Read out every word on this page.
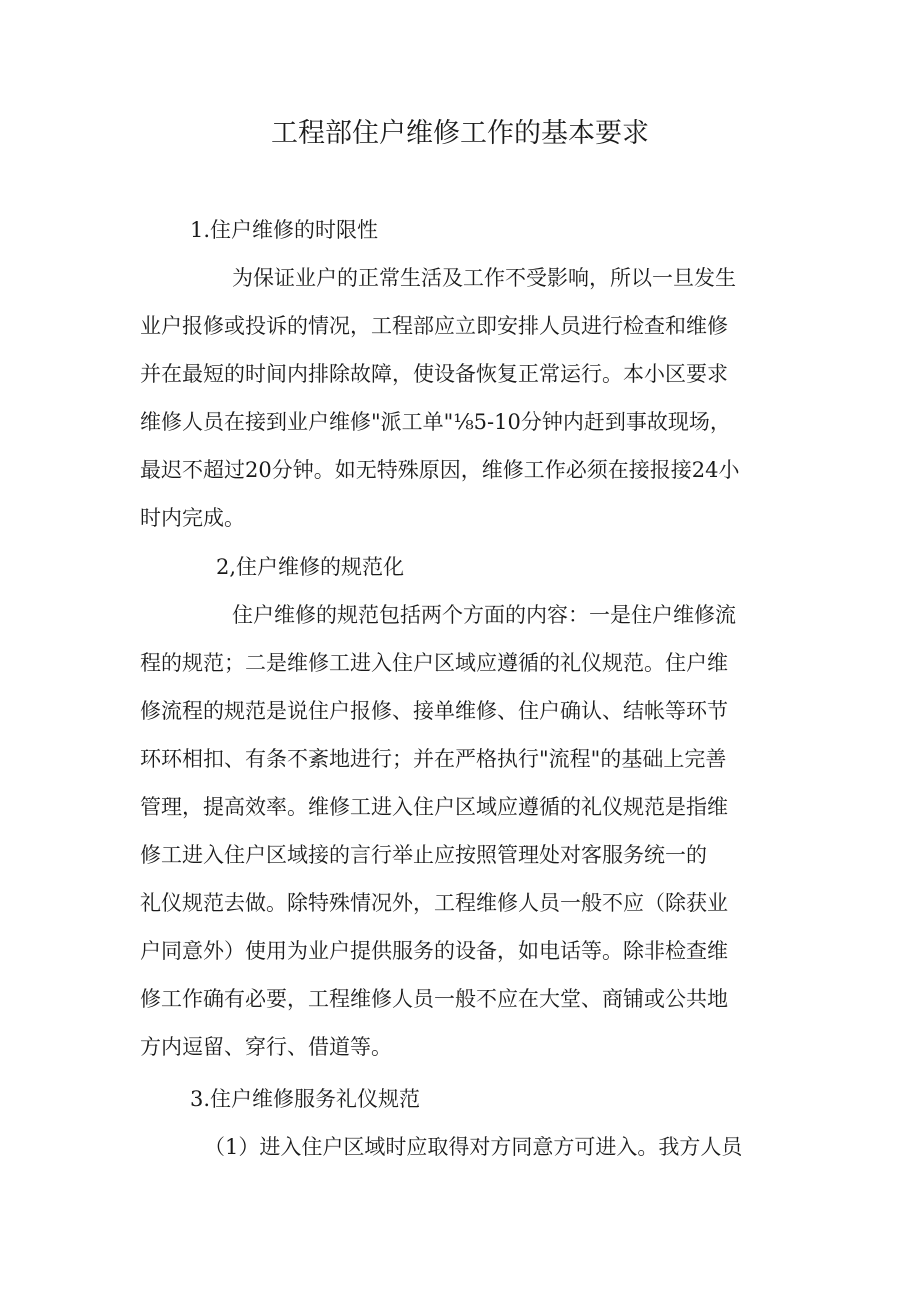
工程部住户维修工作的基本要求
1.住户维修的时限性
为保证业户的正常生活及工作不受影响，所以一旦发生
业户报修或投诉的情况，工程部应立即安排人员进行检查和维修
并在最短的时间内排除故障，使设备恢复正常运行。本小区要求
维修人员在接到业户维修"派工单"⅛5-10分钟内赶到事故现场，
最迟不超过20分钟。如无特殊原因，维修工作必须在接报接24小
时内完成。
2,住户维修的规范化
住户维修的规范包括两个方面的内容：一是住户维修流
程的规范；二是维修工进入住户区域应遵循的礼仪规范。住户维
修流程的规范是说住户报修、接单维修、住户确认、结帐等环节
环环相扣、有条不紊地进行；并在严格执行"流程"的基础上完善
管理，提高效率。维修工进入住户区域应遵循的礼仪规范是指维
修工进入住户区域接的言行举止应按照管理处对客服务统一的
礼仪规范去做。除特殊情况外，工程维修人员一般不应（除获业
户同意外）使用为业户提供服务的设备，如电话等。除非检查维
修工作确有必要，工程维修人员一般不应在大堂、商铺或公共地
方内逗留、穿行、借道等。
3.住户维修服务礼仪规范
（1）进入住户区域时应取得对方同意方可进入。我方人员
